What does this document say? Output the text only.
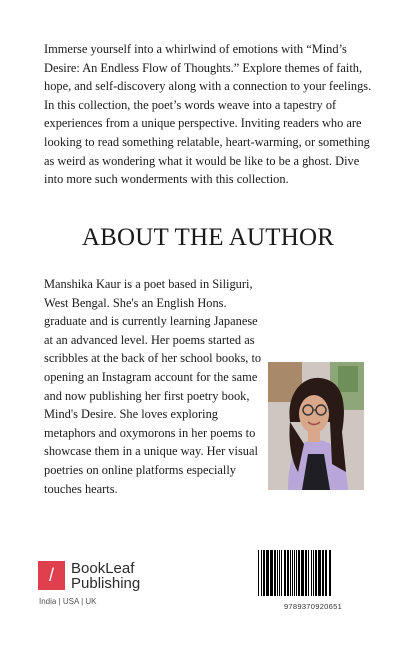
Immerse yourself into a whirlwind of emotions with “Mind’s Desire: An Endless Flow of Thoughts.” Explore themes of faith, hope, and self-discovery along with a connection to your feelings. In this collection, the poet’s words weave into a tapestry of experiences from a unique perspective. Inviting readers who are looking to read something relatable, heart-warming, or something as weird as wondering what it would be like to be a ghost. Dive into more such wonderments with this collection.
ABOUT THE AUTHOR
Manshika Kaur is a poet based in Siliguri, West Bengal. She's an English Hons. graduate and is currently learning Japanese at an advanced level. Her poems started as scribbles at the back of her school books, to opening an Instagram account for the same and now publishing her first poetry book, Mind's Desire. She loves exploring metaphors and oxymorons in her poems to showcase them in a unique way. Her visual poetries on online platforms especially touches hearts.
/	BookLeaf
Publishing
India | USA | UK
9789370920651
